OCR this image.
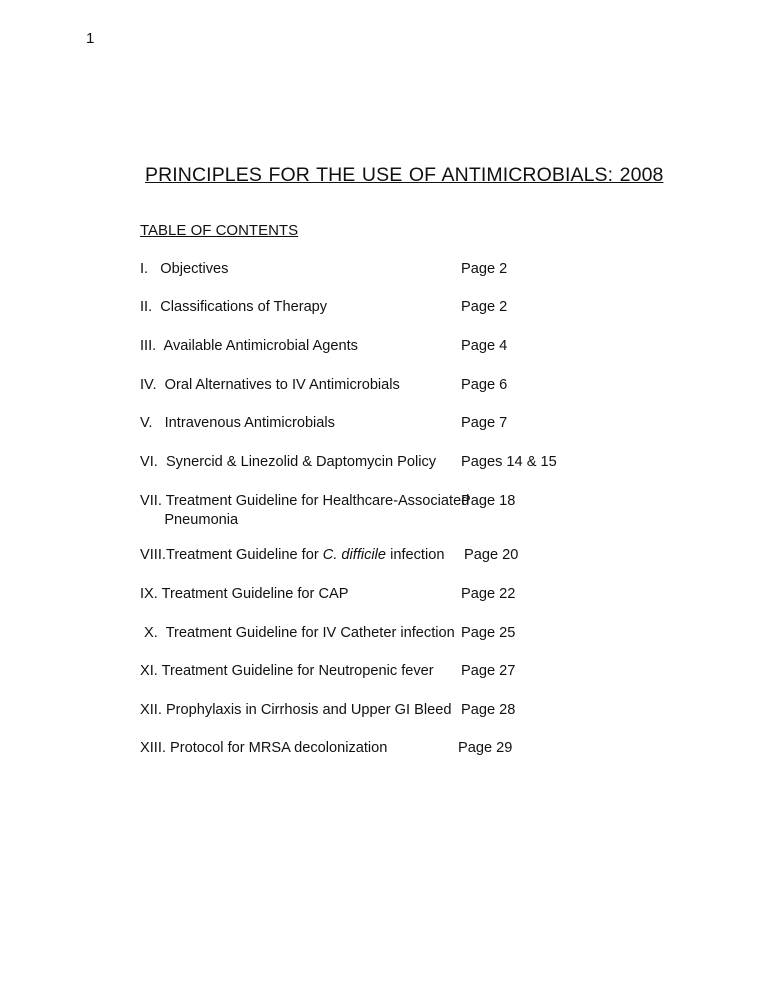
1
PRINCIPLES FOR THE USE OF ANTIMICROBIALS: 2008
TABLE OF CONTENTS
I.   Objectives	Page 2
II.  Classifications of Therapy	Page 2
III.  Available Antimicrobial Agents	Page 4
IV.  Oral Alternatives to IV Antimicrobials	Page 6
V.   Intravenous Antimicrobials	Page 7
VI.  Synercid & Linezolid & Daptomycin Policy Pages 14 & 15
VII. Treatment Guideline for Healthcare-Associated
Pneumonia
Page 18
VIII.Treatment Guideline for C. difficile infection Page 20
IX. Treatment Guideline for CAP	Page 22
X.  Treatment Guideline for IV Catheter infection Page 25
XI. Treatment Guideline for Neutropenic fever Page 27
XII. Prophylaxis in Cirrhosis and Upper GI Bleed Page 28
XIII. Protocol for MRSA decolonization	Page 29
